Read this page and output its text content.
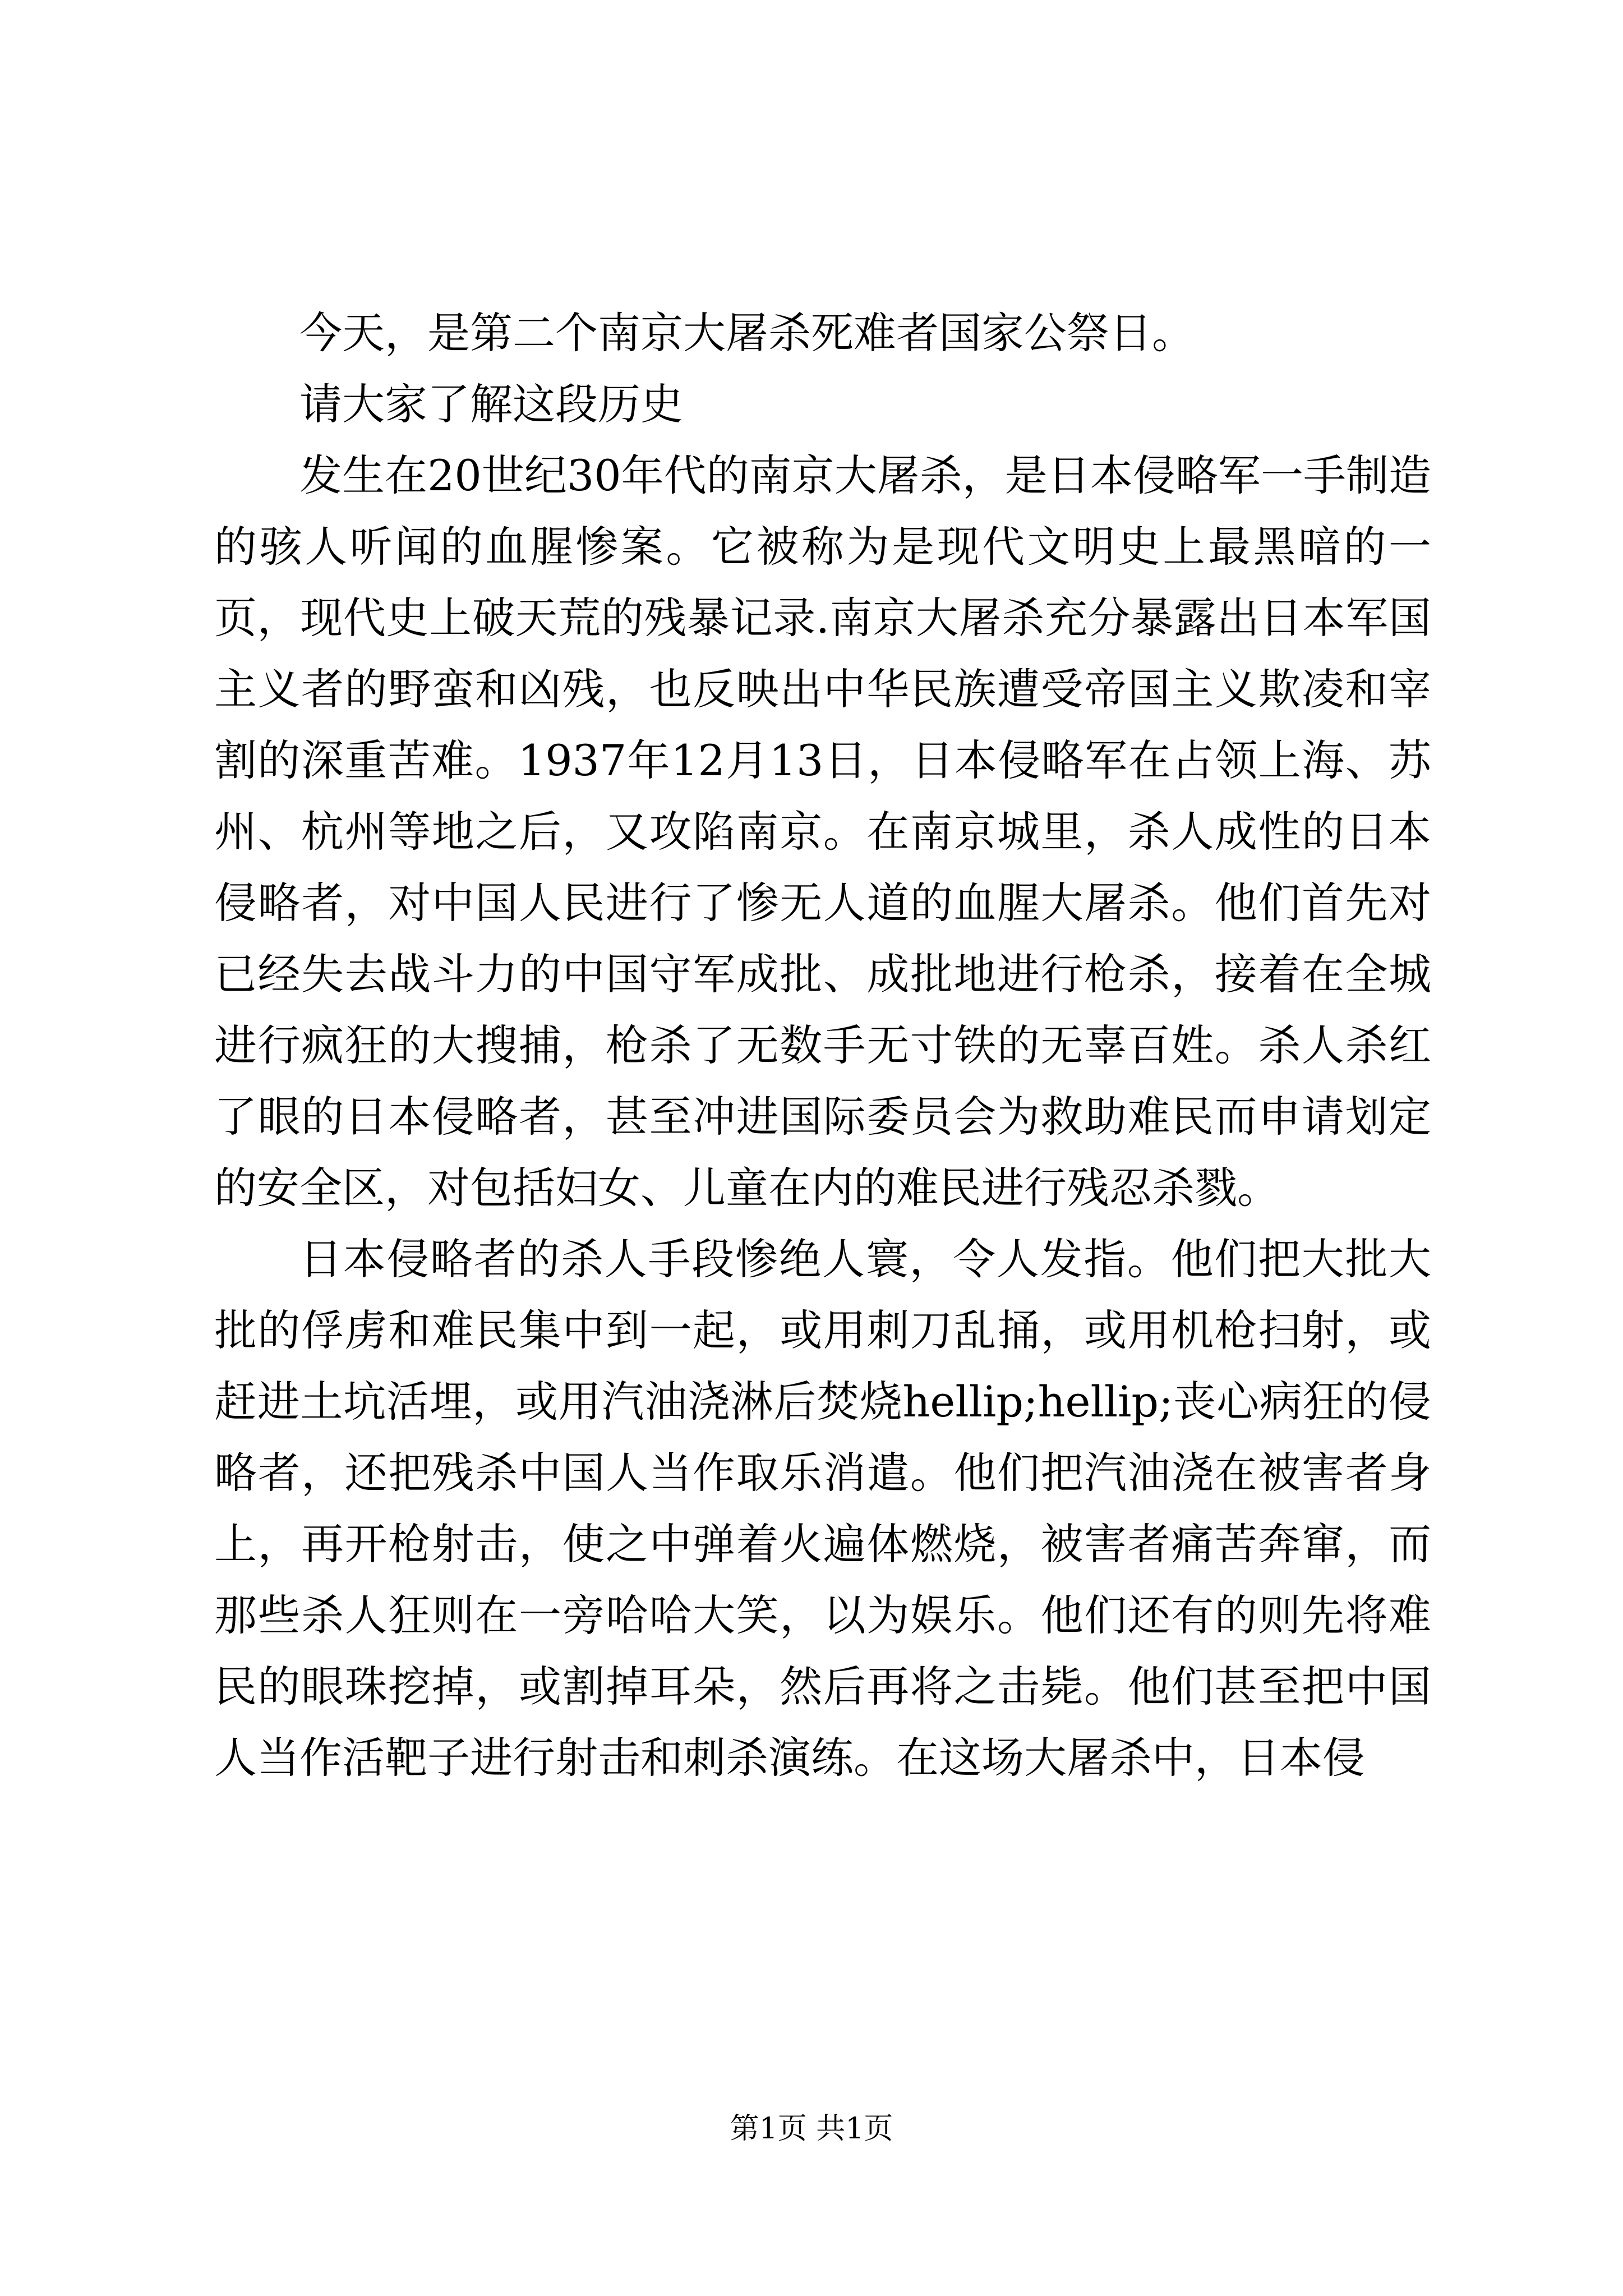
今天，是第二个南京大屠杀死难者国家公祭日。

请大家了解这段历史

发生在20世纪30年代的南京大屠杀，是日本侵略军一手制造的骇人听闻的血腥惨案。它被称为是现代文明史上最黑暗的一页，现代史上破天荒的残暴记录.南京大屠杀充分暴露出日本军国主义者的野蛮和凶残，也反映出中华民族遭受帝国主义欺凌和宰割的深重苦难。1937年12月13日，日本侵略军在占领上海、苏州、杭州等地之后，又攻陷南京。在南京城里，杀人成性的日本侵略者，对中国人民进行了惨无人道的血腥大屠杀。他们首先对已经失去战斗力的中国守军成批、成批地进行枪杀，接着在全城进行疯狂的大搜捕，枪杀了无数手无寸铁的无辜百姓。杀人杀红了眼的日本侵略者，甚至冲进国际委员会为救助难民而申请划定的安全区，对包括妇女、儿童在内的难民进行残忍杀戮。

日本侵略者的杀人手段惨绝人寰，令人发指。他们把大批大批的俘虏和难民集中到一起，或用刺刀乱捅，或用机枪扫射，或赶进土坑活埋，或用汽油浇淋后焚烧hellip;hellip;丧心病狂的侵略者，还把残杀中国人当作取乐消遣。他们把汽油浇在被害者身上，再开枪射击，使之中弹着火遍体燃烧，被害者痛苦奔窜，而那些杀人狂则在一旁哈哈大笑，以为娱乐。他们还有的则先将难民的眼珠挖掉，或割掉耳朵，然后再将之击毙。他们甚至把中国人当作活靶子进行射击和刺杀演练。在这场大屠杀中，日本侵

第1页 共1页
